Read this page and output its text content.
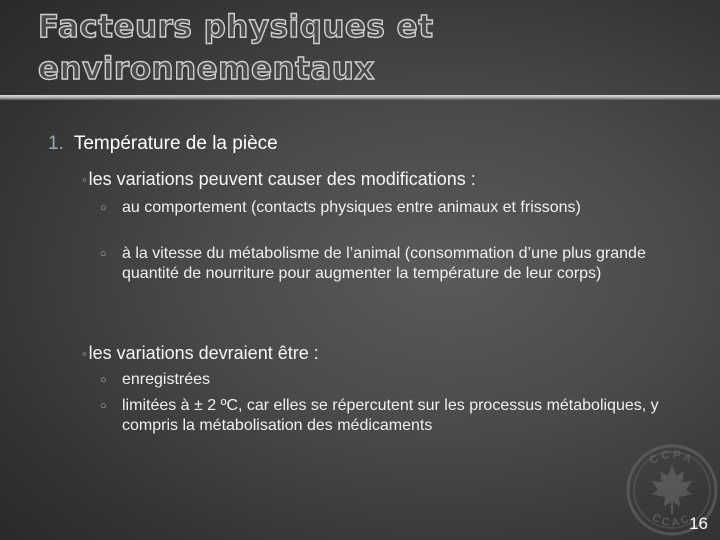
Facteurs physiques et environnementaux
1. Température de la pièce
◦ les variations peuvent causer des modifications :
○ au comportement (contacts physiques entre animaux et frissons)
○ à la vitesse du métabolisme de l’animal (consommation d’une plus grande quantité de nourriture pour augmenter la température de leur corps)
◦ les variations devraient être :
○ enregistrées
○ limitées à ± 2 ºC, car elles se répercutent sur les processus métaboliques, y compris la métabolisation des médicaments
CCPA
CCAC
16
